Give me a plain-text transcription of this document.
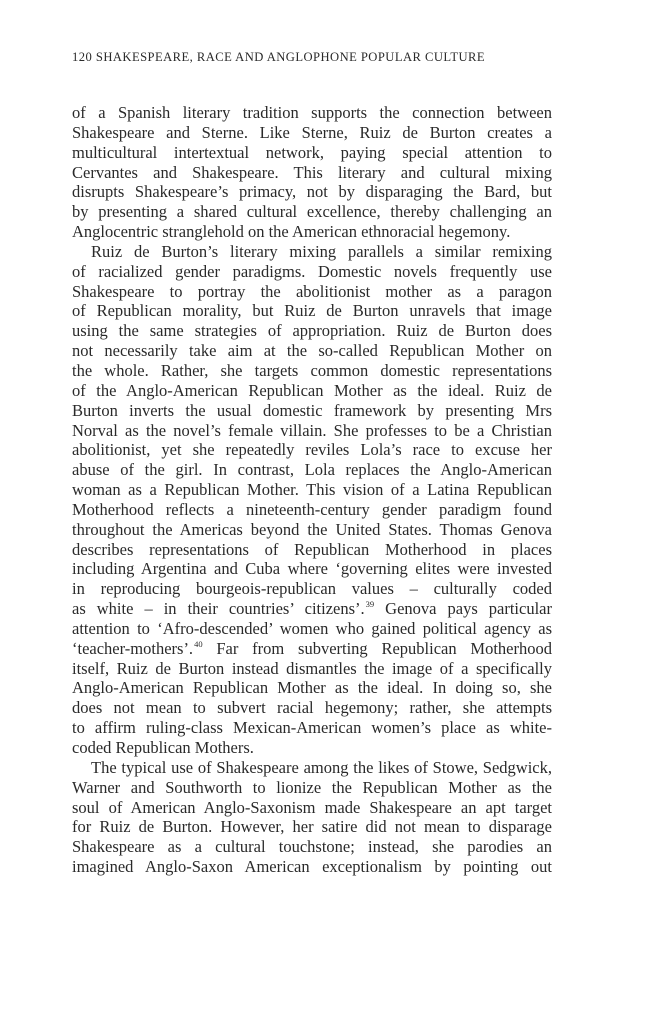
120 SHAKESPEARE, RACE AND ANGLOPHONE POPULAR CULTURE
of a Spanish literary tradition supports the connection between
Shakespeare and Sterne. Like Sterne, Ruiz de Burton creates a
multicultural intertextual network, paying special attention to
Cervantes and Shakespeare. This literary and cultural mixing
disrupts Shakespeare’s primacy, not by disparaging the Bard, but
by presenting a shared cultural excellence, thereby challenging an
Anglocentric stranglehold on the American ethnoracial hegemony.
Ruiz de Burton’s literary mixing parallels a similar remixing
of racialized gender paradigms. Domestic novels frequently use
Shakespeare to portray the abolitionist mother as a paragon
of Republican morality, but Ruiz de Burton unravels that image
using the same strategies of appropriation. Ruiz de Burton does
not necessarily take aim at the so-called Republican Mother on
the whole. Rather, she targets common domestic representations
of the Anglo-American Republican Mother as the ideal. Ruiz de
Burton inverts the usual domestic framework by presenting Mrs
Norval as the novel’s female villain. She professes to be a Christian
abolitionist, yet she repeatedly reviles Lola’s race to excuse her
abuse of the girl. In contrast, Lola replaces the Anglo-American
woman as a Republican Mother. This vision of a Latina Republican
Motherhood reflects a nineteenth-century gender paradigm found
throughout the Americas beyond the United States. Thomas Genova
describes representations of Republican Motherhood in places
including Argentina and Cuba where ‘governing elites were invested
in reproducing bourgeois-republican values – culturally coded
as white – in their countries’ citizens’.$^{39}$ Genova pays particular
attention to ‘Afro-descended’ women who gained political agency as
‘teacher-mothers’.$^{40}$ Far from subverting Republican Motherhood
itself, Ruiz de Burton instead dismantles the image of a specifically
Anglo-American Republican Mother as the ideal. In doing so, she
does not mean to subvert racial hegemony; rather, she attempts
to affirm ruling-class Mexican-American women’s place as white-
coded Republican Mothers.
The typical use of Shakespeare among the likes of Stowe, Sedgwick,
Warner and Southworth to lionize the Republican Mother as the
soul of American Anglo-Saxonism made Shakespeare an apt target
for Ruiz de Burton. However, her satire did not mean to disparage
Shakespeare as a cultural touchstone; instead, she parodies an
imagined Anglo-Saxon American exceptionalism by pointing out
